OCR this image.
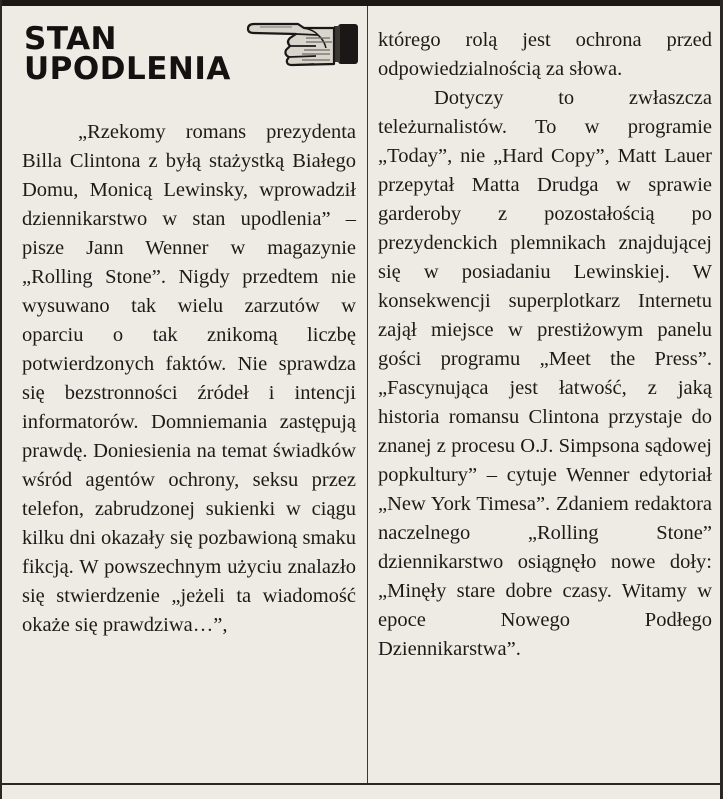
STAN
UPODLENIA

„Rzekomy romans prezydenta Billa Clintona z byłą stażystką Białego Domu, Monicą Lewinsky, wprowadził dziennikarstwo w stan upodlenia” – pisze Jann Wenner w magazynie „Rolling Stone”. Nigdy przedtem nie wysuwano tak wielu zarzutów w oparciu o tak znikomą liczbę potwierdzonych faktów. Nie sprawdza się bezstronności źródeł i intencji informatorów. Domniemania zastępują prawdę. Doniesienia na temat świadków wśród agentów ochrony, seksu przez telefon, zabrudzonej sukienki w ciągu kilku dni okazały się pozbawioną smaku fikcją. W powszechnym użyciu znalazło się stwierdzenie „jeżeli ta wiadomość okaże się prawdziwa…”,

którego rolą jest ochrona przed odpowiedzialnością za słowa.

Dotyczy to zwłaszcza teleżurnalistów. To w programie „Today”, nie „Hard Copy”, Matt Lauer przepytał Matta Drudga w sprawie garderoby z pozostałością po prezydenckich plemnikach znajdującej się w posiadaniu Lewinskiej. W konsekwencji superplotkarz Internetu zajął miejsce w prestiżowym panelu gości programu „Meet the Press”. „Fascynująca jest łatwość, z jaką historia romansu Clintona przystaje do znanej z procesu O.J. Simpsona sądowej popkultury” – cytuje Wenner edytoriał „New York Timesa”. Zdaniem redaktora naczelnego „Rolling Stone” dziennikarstwo osiągnęło nowe doły: „Minęły stare dobre czasy. Witamy w epoce Nowego Podłego Dziennikarstwa”.
